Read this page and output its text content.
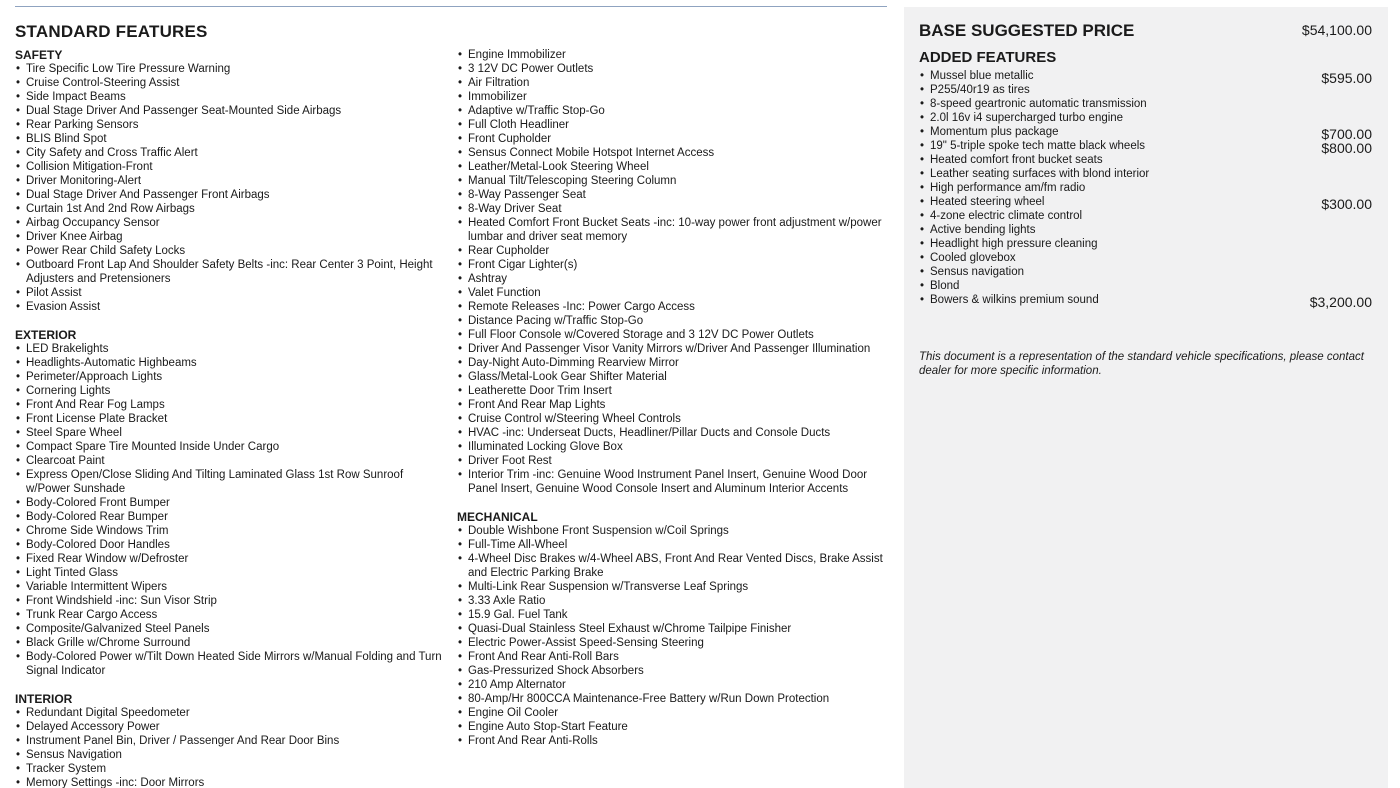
STANDARD FEATURES
SAFETY
• Tire Specific Low Tire Pressure Warning
• Cruise Control-Steering Assist
• Side Impact Beams
• Dual Stage Driver And Passenger Seat-Mounted Side Airbags
• Rear Parking Sensors
• BLIS Blind Spot
• City Safety and Cross Traffic Alert
• Collision Mitigation-Front
• Driver Monitoring-Alert
• Dual Stage Driver And Passenger Front Airbags
• Curtain 1st And 2nd Row Airbags
• Airbag Occupancy Sensor
• Driver Knee Airbag
• Power Rear Child Safety Locks
• Outboard Front Lap And Shoulder Safety Belts -inc: Rear Center 3 Point, Height Adjusters and Pretensioners
• Pilot Assist
• Evasion Assist
EXTERIOR
• LED Brakelights
• Headlights-Automatic Highbeams
• Perimeter/Approach Lights
• Cornering Lights
• Front And Rear Fog Lamps
• Front License Plate Bracket
• Steel Spare Wheel
• Compact Spare Tire Mounted Inside Under Cargo
• Clearcoat Paint
• Express Open/Close Sliding And Tilting Laminated Glass 1st Row Sunroof w/Power Sunshade
• Body-Colored Front Bumper
• Body-Colored Rear Bumper
• Chrome Side Windows Trim
• Body-Colored Door Handles
• Fixed Rear Window w/Defroster
• Light Tinted Glass
• Variable Intermittent Wipers
• Front Windshield -inc: Sun Visor Strip
• Trunk Rear Cargo Access
• Composite/Galvanized Steel Panels
• Black Grille w/Chrome Surround
• Body-Colored Power w/Tilt Down Heated Side Mirrors w/Manual Folding and Turn Signal Indicator
INTERIOR
• Redundant Digital Speedometer
• Delayed Accessory Power
• Instrument Panel Bin, Driver / Passenger And Rear Door Bins
• Sensus Navigation
• Tracker System
• Memory Settings -inc: Door Mirrors
• Engine Immobilizer
• 3 12V DC Power Outlets
• Air Filtration
• Immobilizer
• Adaptive w/Traffic Stop-Go
• Full Cloth Headliner
• Front Cupholder
• Sensus Connect Mobile Hotspot Internet Access
• Leather/Metal-Look Steering Wheel
• Manual Tilt/Telescoping Steering Column
• 8-Way Passenger Seat
• 8-Way Driver Seat
• Heated Comfort Front Bucket Seats -inc: 10-way power front adjustment w/power lumbar and driver seat memory
• Rear Cupholder
• Front Cigar Lighter(s)
• Ashtray
• Valet Function
• Remote Releases -Inc: Power Cargo Access
• Distance Pacing w/Traffic Stop-Go
• Full Floor Console w/Covered Storage and 3 12V DC Power Outlets
• Driver And Passenger Visor Vanity Mirrors w/Driver And Passenger Illumination
• Day-Night Auto-Dimming Rearview Mirror
• Glass/Metal-Look Gear Shifter Material
• Leatherette Door Trim Insert
• Front And Rear Map Lights
• Cruise Control w/Steering Wheel Controls
• HVAC -inc: Underseat Ducts, Headliner/Pillar Ducts and Console Ducts
• Illuminated Locking Glove Box
• Driver Foot Rest
• Interior Trim -inc: Genuine Wood Instrument Panel Insert, Genuine Wood Door Panel Insert, Genuine Wood Console Insert and Aluminum Interior Accents
MECHANICAL
• Double Wishbone Front Suspension w/Coil Springs
• Full-Time All-Wheel
• 4-Wheel Disc Brakes w/4-Wheel ABS, Front And Rear Vented Discs, Brake Assist and Electric Parking Brake
• Multi-Link Rear Suspension w/Transverse Leaf Springs
• 3.33 Axle Ratio
• 15.9 Gal. Fuel Tank
• Quasi-Dual Stainless Steel Exhaust w/Chrome Tailpipe Finisher
• Electric Power-Assist Speed-Sensing Steering
• Front And Rear Anti-Roll Bars
• Gas-Pressurized Shock Absorbers
• 210 Amp Alternator
• 80-Amp/Hr 800CCA Maintenance-Free Battery w/Run Down Protection
• Engine Oil Cooler
• Engine Auto Stop-Start Feature
• Front And Rear Anti-Rolls
BASE SUGGESTED PRICE	$54,100.00
ADDED FEATURES
• Mussel blue metallic	$595.00
• P255/40r19 as tires
• 8-speed geartronic automatic transmission
• 2.0l 16v i4 supercharged turbo engine
• Momentum plus package	$700.00
• 19" 5-triple spoke tech matte black wheels	$800.00
• Heated comfort front bucket seats
• Leather seating surfaces with blond interior
• High performance am/fm radio
• Heated steering wheel	$300.00
• 4-zone electric climate control
• Active bending lights
• Headlight high pressure cleaning
• Cooled glovebox
• Sensus navigation
• Blond
• Bowers & wilkins premium sound	$3,200.00
This document is a representation of the standard vehicle specifications, please contact dealer for more specific information.
